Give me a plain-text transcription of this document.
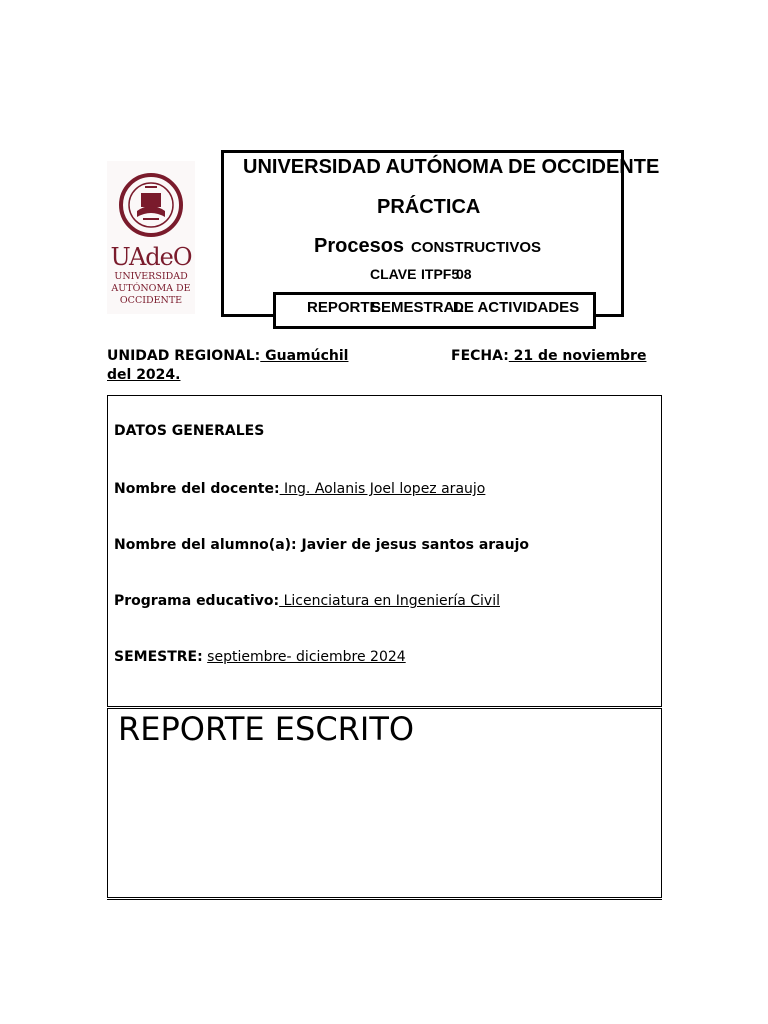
UAdeO
UNIVERSIDAD
AUTÓNOMA DE
OCCIDENTE
UNIVERSIDAD AUTÓNOMA DE OCCIDENTE
PRÁCTICA
Procesos CONSTRUCTIVOS
CLAVE ITPF5
08
REPORTE
SEMESTRAL
DE ACTIVIDADES
UNIDAD REGIONAL: Guamúchil	FECHA: 21 de noviembre
del 2024.
DATOS GENERALES
Nombre del docente: Ing. Aolanis Joel lopez araujo
Nombre del alumno(a): Javier de jesus santos araujo
Programa educativo: Licenciatura en Ingeniería Civil
SEMESTRE: septiembre- diciembre 2024
REPORTE ESCRITO
